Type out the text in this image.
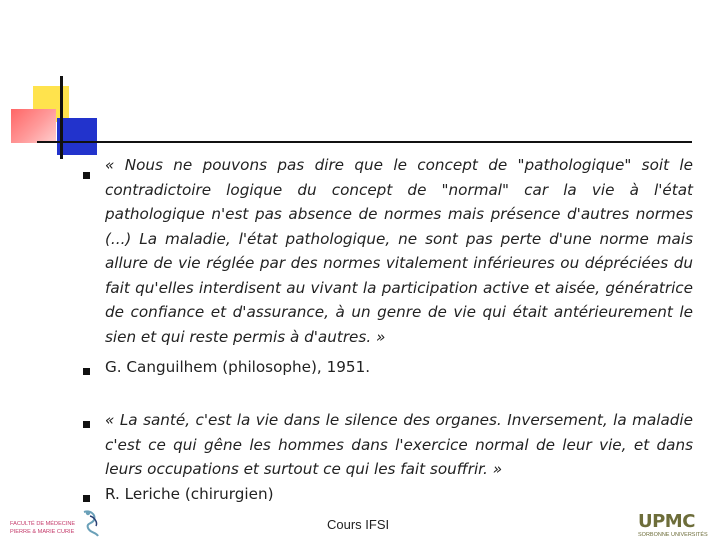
« Nous ne pouvons pas dire que le concept de "pathologique" soit le contradictoire logique du concept de "normal" car la vie à l'état pathologique n'est pas absence de normes mais présence d'autres normes (...) La maladie, l'état pathologique, ne sont pas perte d'une norme mais allure de vie réglée par des normes vitalement inférieures ou dépréciées du fait qu'elles interdisent au vivant la participation active et aisée, génératrice de confiance et d'assurance, à un genre de vie qui était antérieurement le sien et qui reste permis à d'autres. »
G. Canguilhem (philosophe), 1951.
« La santé, c'est la vie dans le silence des organes. Inversement, la maladie c'est ce qui gêne les hommes dans l'exercice normal de leur vie, et dans leurs occupations et surtout ce qui les fait souffrir. »
R. Leriche (chirurgien)
Cours IFSI
FACULTÉ DE MÉDECINE
PIERRE & MARIE CURIE	UPMC
SORBONNE UNIVERSITÉS
